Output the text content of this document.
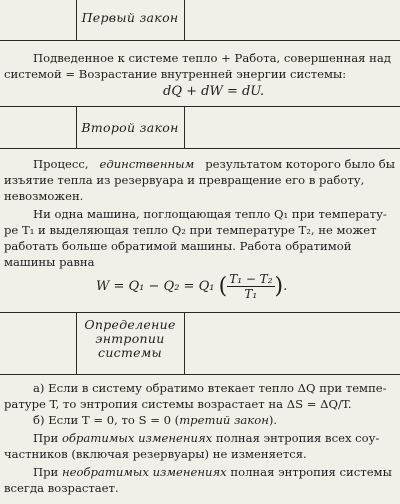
Первый закон
Подведенное к системе тепло + Работа, совершенная над
системой = Возрастание внутренней энергии системы:
dQ + dW = dU.
Второй закон
Процесс, единственным результатом которого было бы
изъятие тепла из резервуара и превращение его в работу,
невозможен.
Ни одна машина, поглощающая тепло Q₁ при температу-
ре T₁ и выделяющая тепло Q₂ при температуре T₂, не может
работать больше обратимой машины. Работа обратимой
машины равна
W = Q₁ − Q₂ = Q₁ ( $\frac{\text{T₁ − T₂}}{\text{T₁}}$ ).
Определение
энтропии
системы
а) Если в систему обратимо втекает тепло ΔQ при темпе-
ратуре T, то энтропия системы возрастает на ΔS = ΔQ/T.
б) Если T = 0, то S = 0 (третий закон).
При обратимых изменениях полная энтропия всех соу-
частников (включая резервуары) не изменяется.
При необратимых изменениях полная энтропия системы
всегда возрастает.
